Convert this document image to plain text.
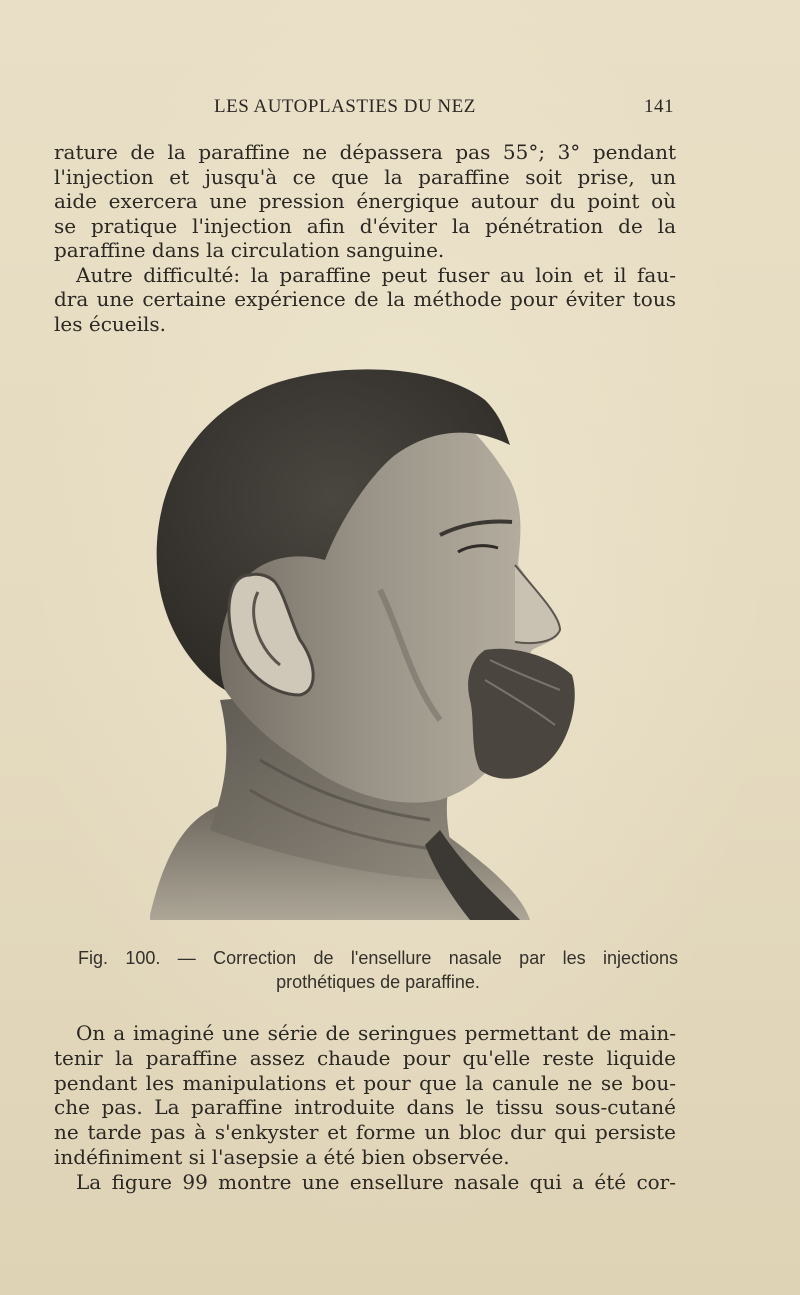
LES AUTOPLASTIES DU NEZ	141
rature de la paraffine ne dépassera pas 55°; 3° pendant
l'injection et jusqu'à ce que la paraffine soit prise, un
aide exercera une pression énergique autour du point où
se pratique l'injection afin d'éviter la pénétration de la
paraffine dans la circulation sanguine.
Autre difficulté: la paraffine peut fuser au loin et il fau-
dra une certaine expérience de la méthode pour éviter tous
les écueils.
Fig. 100. — Correction de l'ensellure nasale par les injections
prothétiques de paraffine.
On a imaginé une série de seringues permettant de main-
tenir la paraffine assez chaude pour qu'elle reste liquide
pendant les manipulations et pour que la canule ne se bou-
che pas. La paraffine introduite dans le tissu sous-cutané
ne tarde pas à s'enkyster et forme un bloc dur qui persiste
indéfiniment si l'asepsie a été bien observée.
La figure 99 montre une ensellure nasale qui a été cor-
